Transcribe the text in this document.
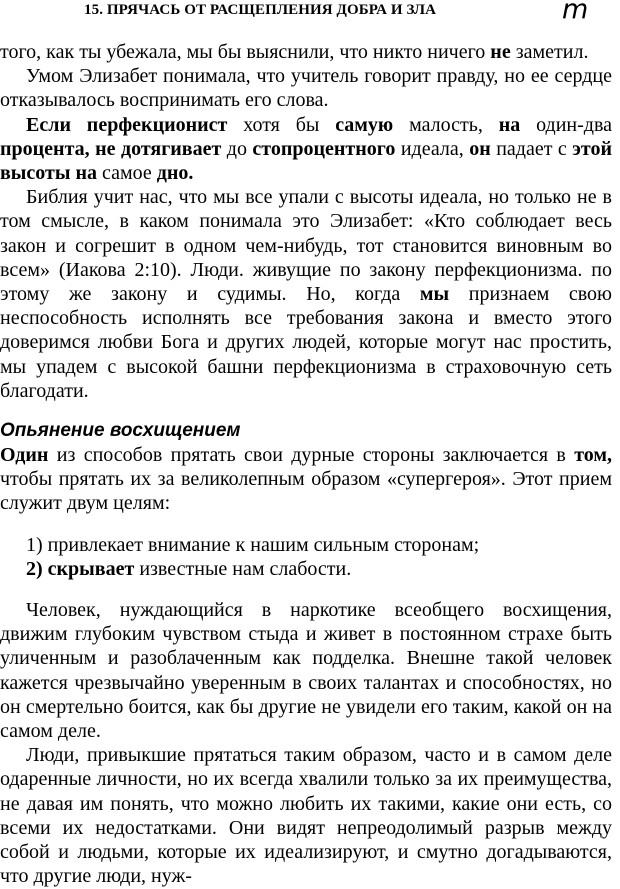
15. ПРЯЧАСЬ ОТ РАСЩЕПЛЕНИЯ ДОБРА И ЗЛА	m

того, как ты убежала, мы бы выяснили, что никто ничего не заметил.

Умом Элизабет понимала, что учитель говорит правду, но ее сердце отказывалось воспринимать его слова.

Если перфекционист хотя бы самую малость, на один-два процента, не дотягивает до стопроцентного идеала, он падает с этой высоты на самое дно.

Библия учит нас, что мы все упали с высоты идеала, но только не в том смысле, в каком понимала это Элизабет: «Кто соблюдает весь закон и согрешит в одном чем-нибудь, тот становится виновным во всем» (Иакова 2:10). Люди. живущие по закону перфекционизма. по этому же закону и судимы. Но, когда мы признаем свою неспособность исполнять все требования закона и вместо этого доверимся любви Бога и других людей, которые могут нас простить, мы упадем с высокой башни перфекционизма в страховочную сеть благодати.

Опьянение восхищением

Один из способов прятать свои дурные стороны заключается в том, чтобы прятать их за великолепным образом «супергероя». Этот прием служит двум целям:

1) привлекает внимание к нашим сильным сторонам;

2) скрывает известные нам слабости.

Человек, нуждающийся в наркотике всеобщего восхищения, движим глубоким чувством стыда и живет в постоянном страхе быть уличенным и разоблаченным как подделка. Внешне такой человек кажется чрезвычайно уверенным в своих талантах и способностях, но он смертельно боится, как бы другие не увидели его таким, какой он на самом деле.

Люди, привыкшие прятаться таким образом, часто и в самом деле одаренные личности, но их всегда хвалили только за их преимущества, не давая им понять, что можно любить их такими, какие они есть, со всеми их недостатками. Они видят непреодолимый разрыв между собой и людьми, которые их идеализируют, и смутно догадываются, что другие люди, нуж-
